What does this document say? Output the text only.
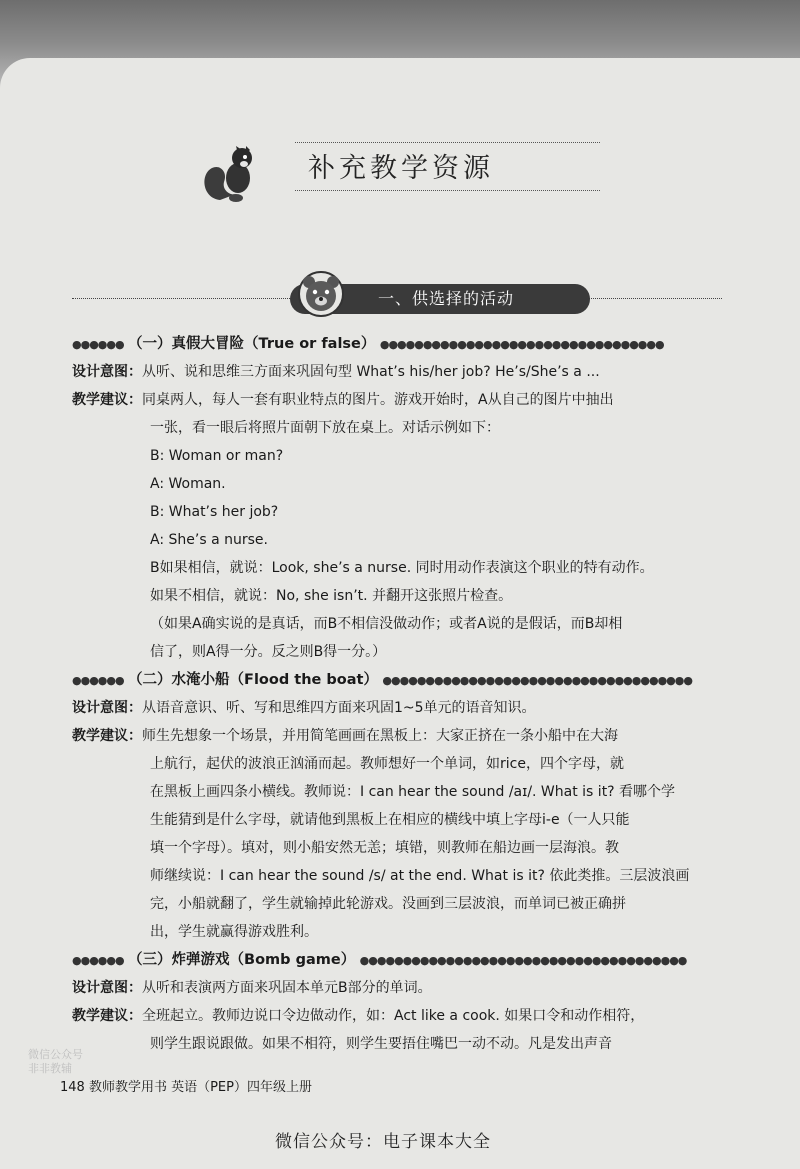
补充教学资源
一、供选择的活动
●●●●●● （一）真假大冒险（True or false） ●●●●●●●●●●●●●●●●●●●●●●●●●●●●●●●●●
设计意图：从听、说和思维三方面来巩固句型 What’s his/her job? He’s/She’s a ...
教学建议：同桌两人，每人一套有职业特点的图片。游戏开始时，A从自己的图片中抽出
一张，看一眼后将照片面朝下放在桌上。对话示例如下：
B: Woman or man?
A: Woman.
B: What’s her job?
A: She’s a nurse.
B如果相信，就说：Look, she’s a nurse. 同时用动作表演这个职业的特有动作。
如果不相信，就说：No, she isn’t. 并翻开这张照片检查。
（如果A确实说的是真话，而B不相信没做动作；或者A说的是假话，而B却相
信了，则A得一分。反之则B得一分。）
●●●●●● （二）水淹小船（Flood the boat） ●●●●●●●●●●●●●●●●●●●●●●●●●●●●●●●●●●●●
设计意图：从语音意识、听、写和思维四方面来巩固1~5单元的语音知识。
教学建议：师生先想象一个场景，并用简笔画画在黑板上：大家正挤在一条小船中在大海
上航行，起伏的波浪正汹涌而起。教师想好一个单词，如rice，四个字母，就
在黑板上画四条小横线。教师说：I can hear the sound /aɪ/. What is it? 看哪个学
生能猜到是什么字母，就请他到黑板上在相应的横线中填上字母i-e（一人只能
填一个字母）。填对，则小船安然无恙；填错，则教师在船边画一层海浪。教
师继续说：I can hear the sound /s/ at the end. What is it? 依此类推。三层波浪画
完，小船就翻了，学生就输掉此轮游戏。没画到三层波浪，而单词已被正确拼
出，学生就赢得游戏胜利。
●●●●●● （三）炸弹游戏（Bomb game） ●●●●●●●●●●●●●●●●●●●●●●●●●●●●●●●●●●●●●●
设计意图：从听和表演两方面来巩固本单元B部分的单词。
教学建议：全班起立。教师边说口令边做动作，如：Act like a cook. 如果口令和动作相符，
则学生跟说跟做。如果不相符，则学生要捂住嘴巴一动不动。凡是发出声音
微信公众号
非非教辅
148 教师教学用书 英语（PEP）四年级上册
微信公众号：电子课本大全
